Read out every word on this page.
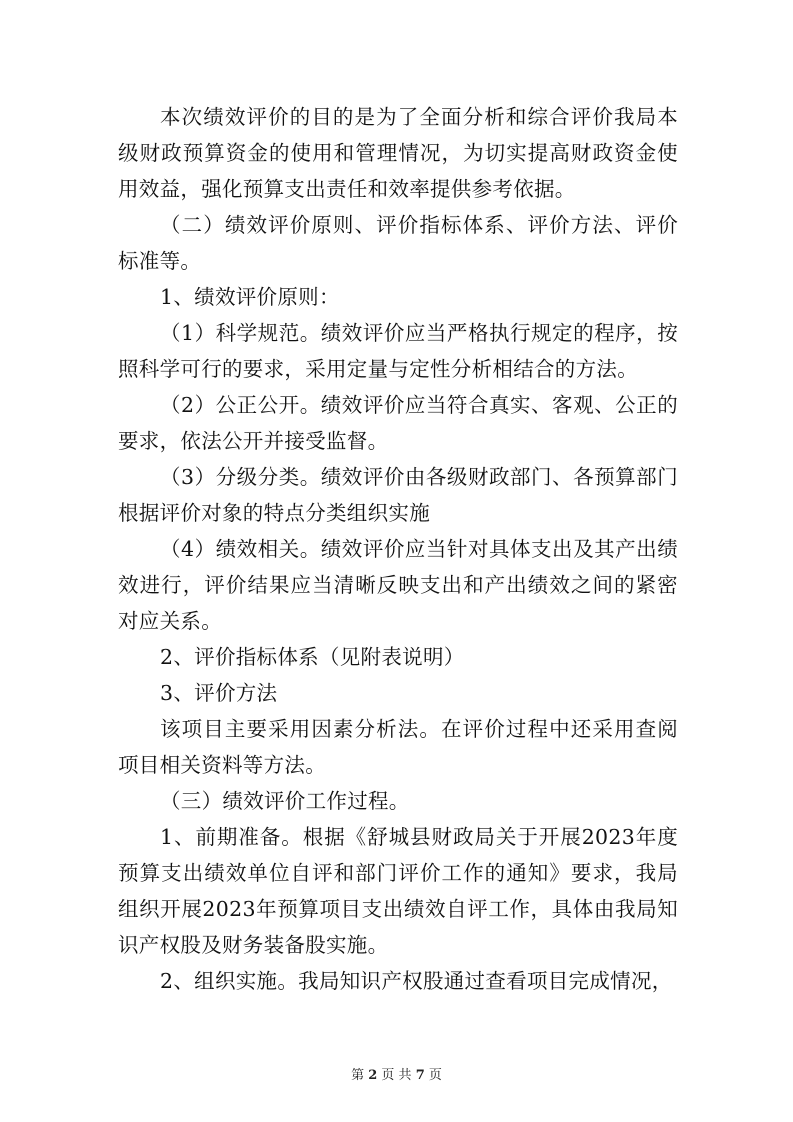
本次绩效评价的目的是为了全面分析和综合评价我局本级财政预算资金的使用和管理情况，为切实提高财政资金使用效益，强化预算支出责任和效率提供参考依据。

（二）绩效评价原则、评价指标体系、评价方法、评价标准等。

1、绩效评价原则：

（1）科学规范。绩效评价应当严格执行规定的程序，按照科学可行的要求，采用定量与定性分析相结合的方法。

（2）公正公开。绩效评价应当符合真实、客观、公正的要求，依法公开并接受监督。

（3）分级分类。绩效评价由各级财政部门、各预算部门根据评价对象的特点分类组织实施

（4）绩效相关。绩效评价应当针对具体支出及其产出绩效进行，评价结果应当清晰反映支出和产出绩效之间的紧密对应关系。

2、评价指标体系（见附表说明）

3、评价方法

该项目主要采用因素分析法。在评价过程中还采用查阅项目相关资料等方法。

（三）绩效评价工作过程。

1、前期准备。根据《舒城县财政局关于开展2023年度预算支出绩效单位自评和部门评价工作的通知》要求，我局组织开展2023年预算项目支出绩效自评工作，具体由我局知识产权股及财务装备股实施。

2、组织实施。我局知识产权股通过查看项目完成情况，

第 2 页 共 7 页
